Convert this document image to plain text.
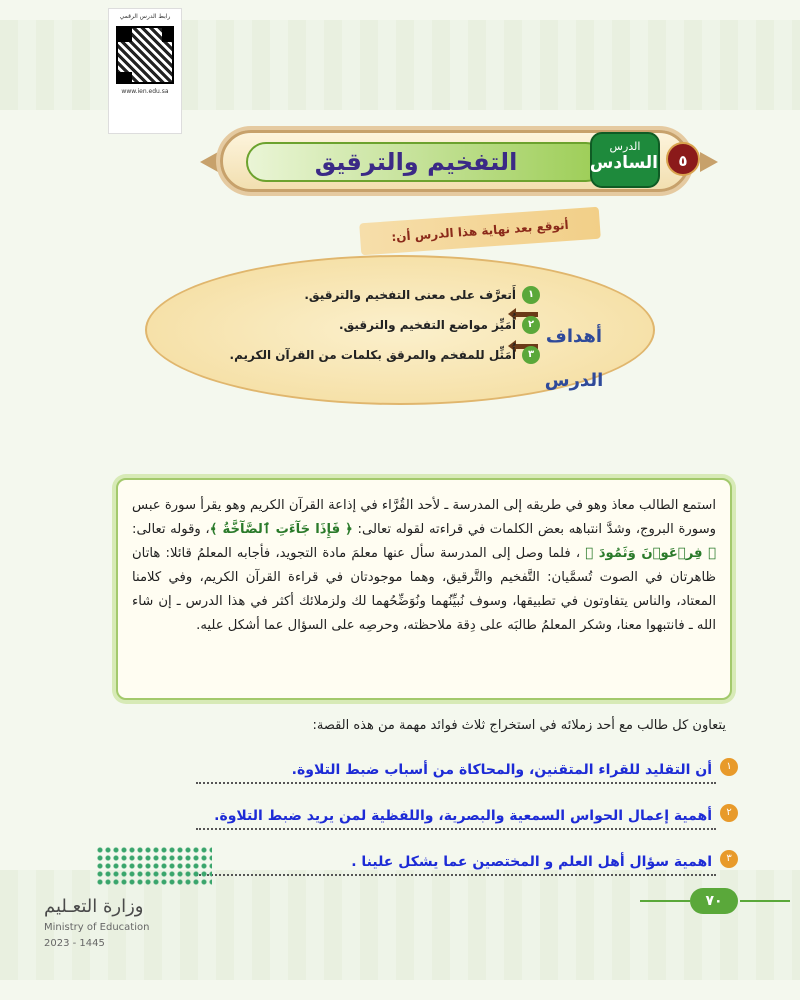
رابط الدرس الرقمي
www.ien.edu.sa
التفخيم والترقيق
الدرس
السادس	٥
أتوقع بعد نهاية هذا الدرس أن:
أهداف الدرس
١
أَتعرَّف على معنى التفخيم والترقيق.
٢
أُمَيِّز مواضع التفخيم والترقيق.
٣
أُمَثِّل للمفخم والمرقق بكلمات من القرآن الكريم.

استمع الطالب معاذ وهو في طريقه إلى المدرسة ـ لأحد القُرَّاء في إذاعة القرآن الكريم وهو يقرأ سورة عبس وسورة البروج، وشدَّ انتباهه بعض الكلمات في قراءته لقوله تعالى: ﴿ فَإِذَا جَآءَتِ ٱلصَّآخَّةُ ﴾، وقوله تعالى: ﴿ فِرۡعَوۡنَ وَثَمُودَ ﴾ ، فلما وصل إلى المدرسة سأل عنها معلمَ مادة التجويد، فأجابه المعلمُ قائلا: هاتان ظاهرتان في الصوت تُسمَّيان: التَّفخيم والتَّرقيق، وهما موجودتان في قراءة القرآن الكريم، وفي كلامنا المعتاد، والناس يتفاوتون في تطبيقها، وسوف نُبيِّنُهما ونُوَضِّحُهما لك ولزملائك أكثر في هذا الدرس ـ إن شاء الله ـ فانتبهوا معنا، وشكر المعلمُ طالبَه على دِقة ملاحظته، وحرصِه على السؤال عما أشكل عليه.

يتعاون كل طالب مع أحد زملائه في استخراج ثلاث فوائد مهمة من هذه القصة:
١
أن التقليد للقراء المتقنين، والمحاكاة من أسباب ضبط التلاوة.
٢
أهمية إعمال الحواس السمعية والبصرية، واللفظية لمن يريد ضبط التلاوة.
٣
اهمية سؤال أهل العلم و المختصين عما يشكل علينا .
وزارة التعـليم
Ministry of Education
2023 - 1445
٧٠
